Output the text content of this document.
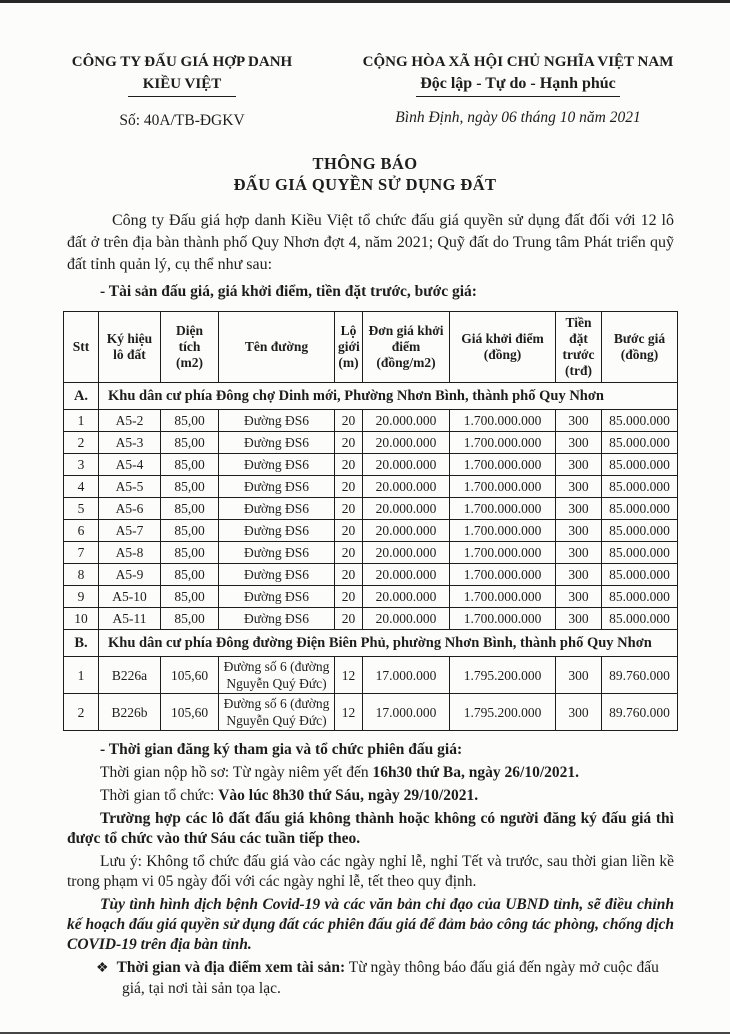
CÔNG TY ĐẤU GIÁ HỢP DANH
KIỀU VIỆT
Số: 40A/TB-ĐGKV
CỘNG HÒA XÃ HỘI CHỦ NGHĨA VIỆT NAM
Độc lập - Tự do - Hạnh phúc
Bình Định, ngày 06 tháng 10 năm 2021
THÔNG BÁO
ĐẤU GIÁ QUYỀN SỬ DỤNG ĐẤT

Công ty Đấu giá hợp danh Kiều Việt tổ chức đấu giá quyền sử dụng đất đối với 12 lô đất ở trên địa bàn thành phố Quy Nhơn đợt 4, năm 2021; Quỹ đất do Trung tâm Phát triển quỹ đất tỉnh quản lý, cụ thể như sau:

- Tài sản đấu giá, giá khởi điểm, tiền đặt trước, bước giá:

Stt	Ký hiệu lô đất	Diện tích (m2)	Tên đường	Lộ giới (m)	Đơn giá khởi điểm (đồng/m2)	Giá khởi điểm (đồng)	Tiền đặt trước (trđ)	Bước giá (đồng)
A.	Khu dân cư phía Đông chợ Dinh mới, Phường Nhơn Bình, thành phố Quy Nhơn							
1	A5-2	85,00	Đường ĐS6	20	20.000.000	1.700.000.000	300	85.000.000
2	A5-3	85,00	Đường ĐS6	20	20.000.000	1.700.000.000	300	85.000.000
3	A5-4	85,00	Đường ĐS6	20	20.000.000	1.700.000.000	300	85.000.000
4	A5-5	85,00	Đường ĐS6	20	20.000.000	1.700.000.000	300	85.000.000
5	A5-6	85,00	Đường ĐS6	20	20.000.000	1.700.000.000	300	85.000.000
6	A5-7	85,00	Đường ĐS6	20	20.000.000	1.700.000.000	300	85.000.000
7	A5-8	85,00	Đường ĐS6	20	20.000.000	1.700.000.000	300	85.000.000
8	A5-9	85,00	Đường ĐS6	20	20.000.000	1.700.000.000	300	85.000.000
9	A5-10	85,00	Đường ĐS6	20	20.000.000	1.700.000.000	300	85.000.000
10	A5-11	85,00	Đường ĐS6	20	20.000.000	1.700.000.000	300	85.000.000
B.	Khu dân cư phía Đông đường Điện Biên Phủ, phường Nhơn Bình, thành phố Quy Nhơn							
1	B226a	105,60	Đường số 6 (đường Nguyễn Quý Đức)	12	17.000.000	1.795.200.000	300	89.760.000
2	B226b	105,60	Đường số 6 (đường Nguyễn Quý Đức)	12	17.000.000	1.795.200.000	300	89.760.000

- Thời gian đăng ký tham gia và tổ chức phiên đấu giá:

Thời gian nộp hồ sơ: Từ ngày niêm yết đến 16h30 thứ Ba, ngày 26/10/2021.

Thời gian tổ chức: Vào lúc 8h30 thứ Sáu, ngày 29/10/2021.

Trường hợp các lô đất đấu giá không thành hoặc không có người đăng ký đấu giá thì được tổ chức vào thứ Sáu các tuần tiếp theo.

Lưu ý: Không tổ chức đấu giá vào các ngày nghỉ lễ, nghỉ Tết và trước, sau thời gian liền kề trong phạm vi 05 ngày đối với các ngày nghỉ lễ, tết theo quy định.

Tùy tình hình dịch bệnh Covid-19 và các văn bản chỉ đạo của UBND tỉnh, sẽ điều chỉnh kế hoạch đấu giá quyền sử dụng đất các phiên đấu giá để đảm bảo công tác phòng, chống dịch COVID-19 trên địa bàn tỉnh.

❖ Thời gian và địa điểm xem tài sản: Từ ngày thông báo đấu giá đến ngày mở cuộc đấu giá, tại nơi tài sản tọa lạc.
